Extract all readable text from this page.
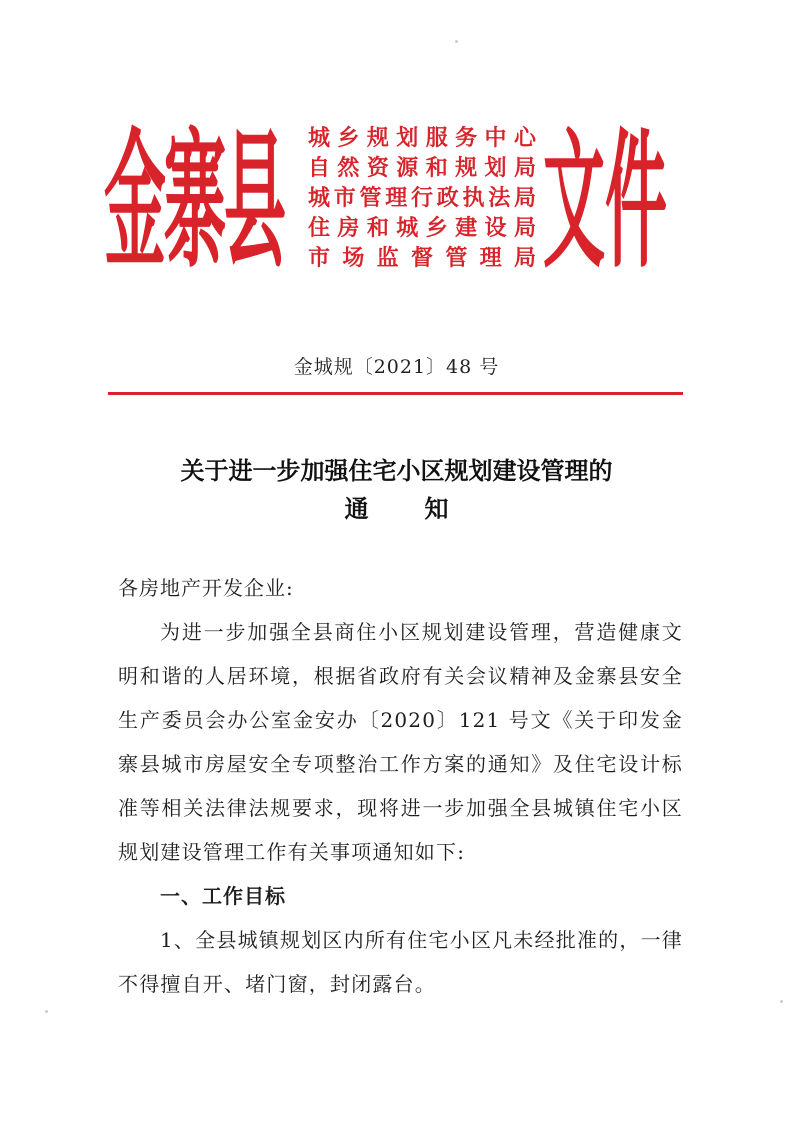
金寨县 城乡规划服务中心
自然资源和规划局
城市管理行政执法局
住房和城乡建设局
市场监督管理局 文件
金城规〔2021〕48 号
关于进一步加强住宅小区规划建设管理的
通知

各房地产开发企业:

为进一步加强全县商住小区规划建设管理，营造健康文明和谐的人居环境，根据省政府有关会议精神及金寨县安全生产委员会办公室金安办〔2020〕121 号文《关于印发金寨县城市房屋安全专项整治工作方案的通知》及住宅设计标准等相关法律法规要求，现将进一步加强全县城镇住宅小区规划建设管理工作有关事项通知如下:

一、工作目标

1、全县城镇规划区内所有住宅小区凡未经批准的，一律不得擅自开、堵门窗，封闭露台。
